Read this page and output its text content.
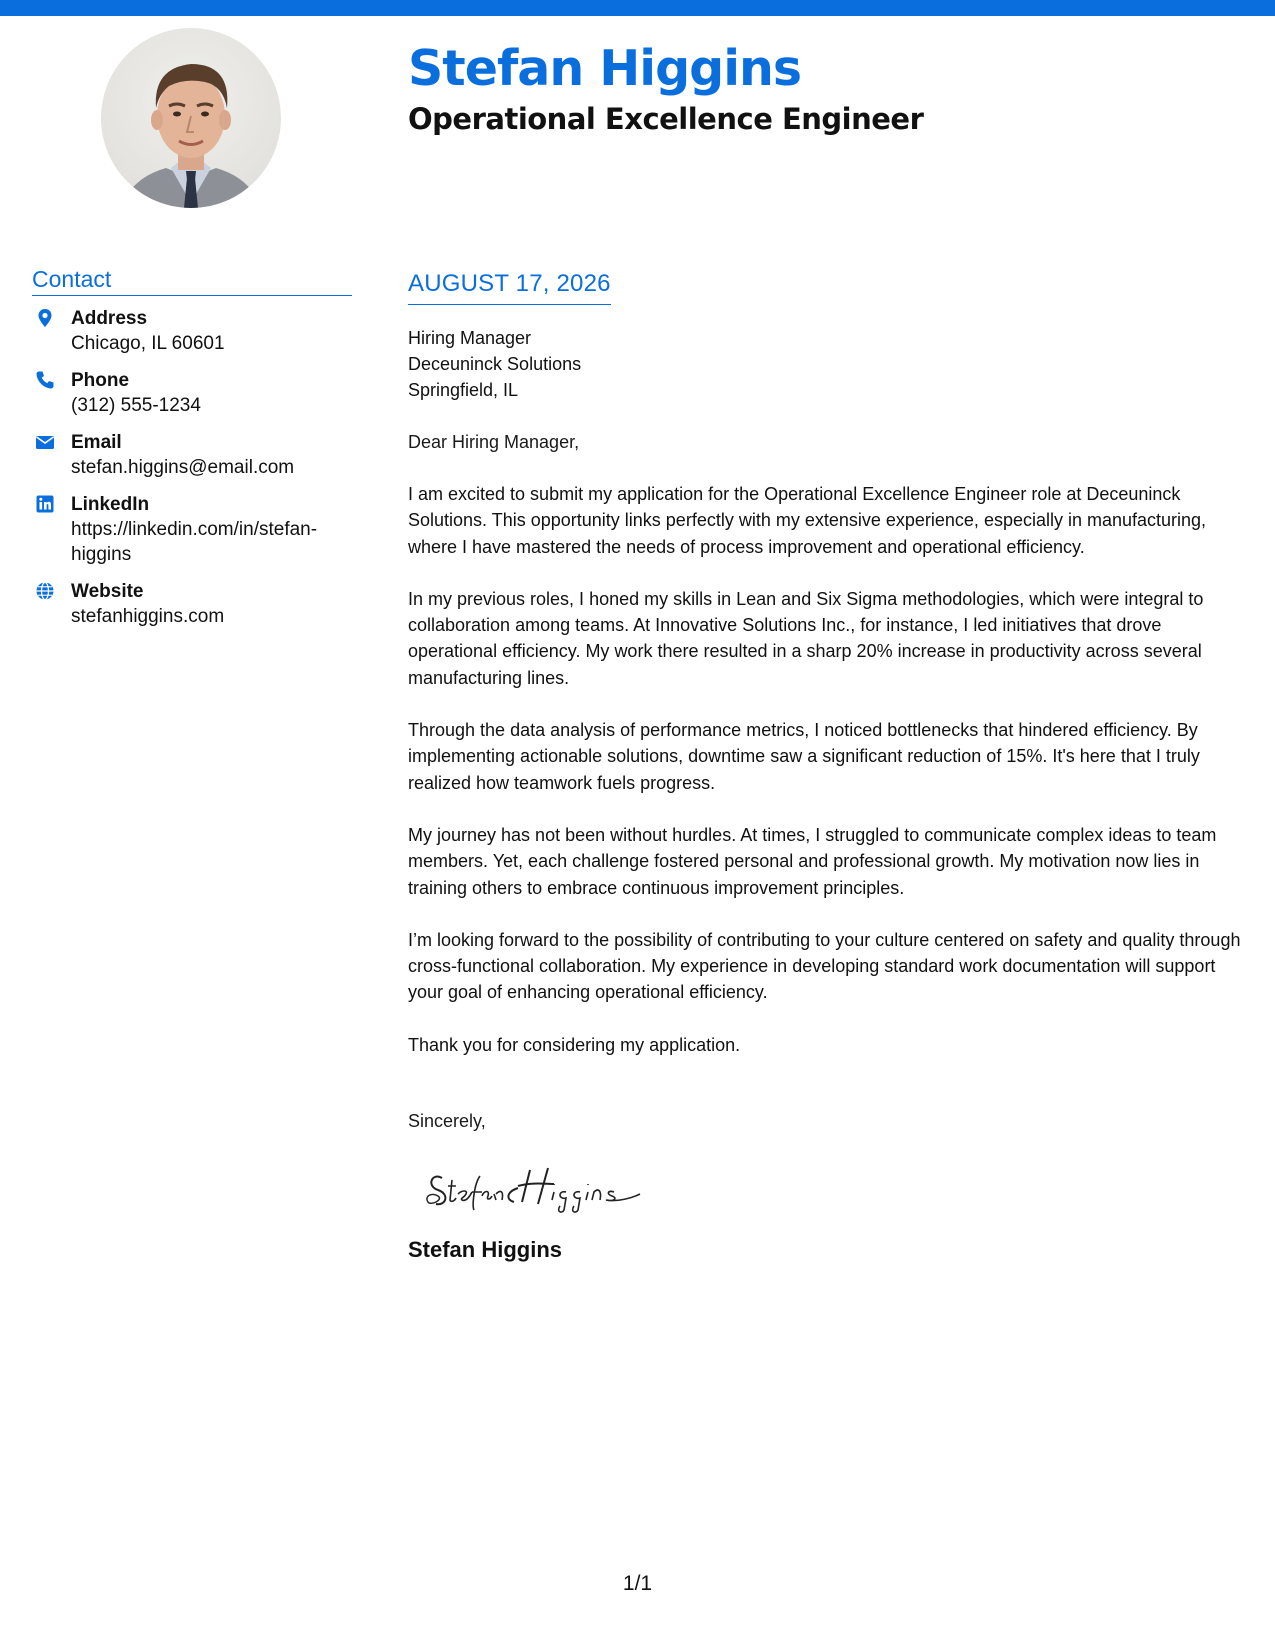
Stefan Higgins
Operational Excellence Engineer
Contact
Address
Chicago, IL 60601
Phone
(312) 555-1234
Email
stefan.higgins@email.com
LinkedIn
https://linkedin.com/in/stefan-higgins
Website
stefanhiggins.com
AUGUST 17, 2026
Hiring Manager
Deceuninck Solutions
Springfield, IL
Dear Hiring Manager,
I am excited to submit my application for the Operational Excellence Engineer role at Deceuninck Solutions. This opportunity links perfectly with my extensive experience, especially in manufacturing, where I have mastered the needs of process improvement and operational efficiency.
In my previous roles, I honed my skills in Lean and Six Sigma methodologies, which were integral to collaboration among teams. At Innovative Solutions Inc., for instance, I led initiatives that drove operational efficiency. My work there resulted in a sharp 20% increase in productivity across several manufacturing lines.
Through the data analysis of performance metrics, I noticed bottlenecks that hindered efficiency. By implementing actionable solutions, downtime saw a significant reduction of 15%. It's here that I truly realized how teamwork fuels progress.
My journey has not been without hurdles. At times, I struggled to communicate complex ideas to team members. Yet, each challenge fostered personal and professional growth. My motivation now lies in training others to embrace continuous improvement principles.
I’m looking forward to the possibility of contributing to your culture centered on safety and quality through cross-functional collaboration. My experience in developing standard work documentation will support your goal of enhancing operational efficiency.
Thank you for considering my application.
Sincerely,
Stefan Higgins
1/1
